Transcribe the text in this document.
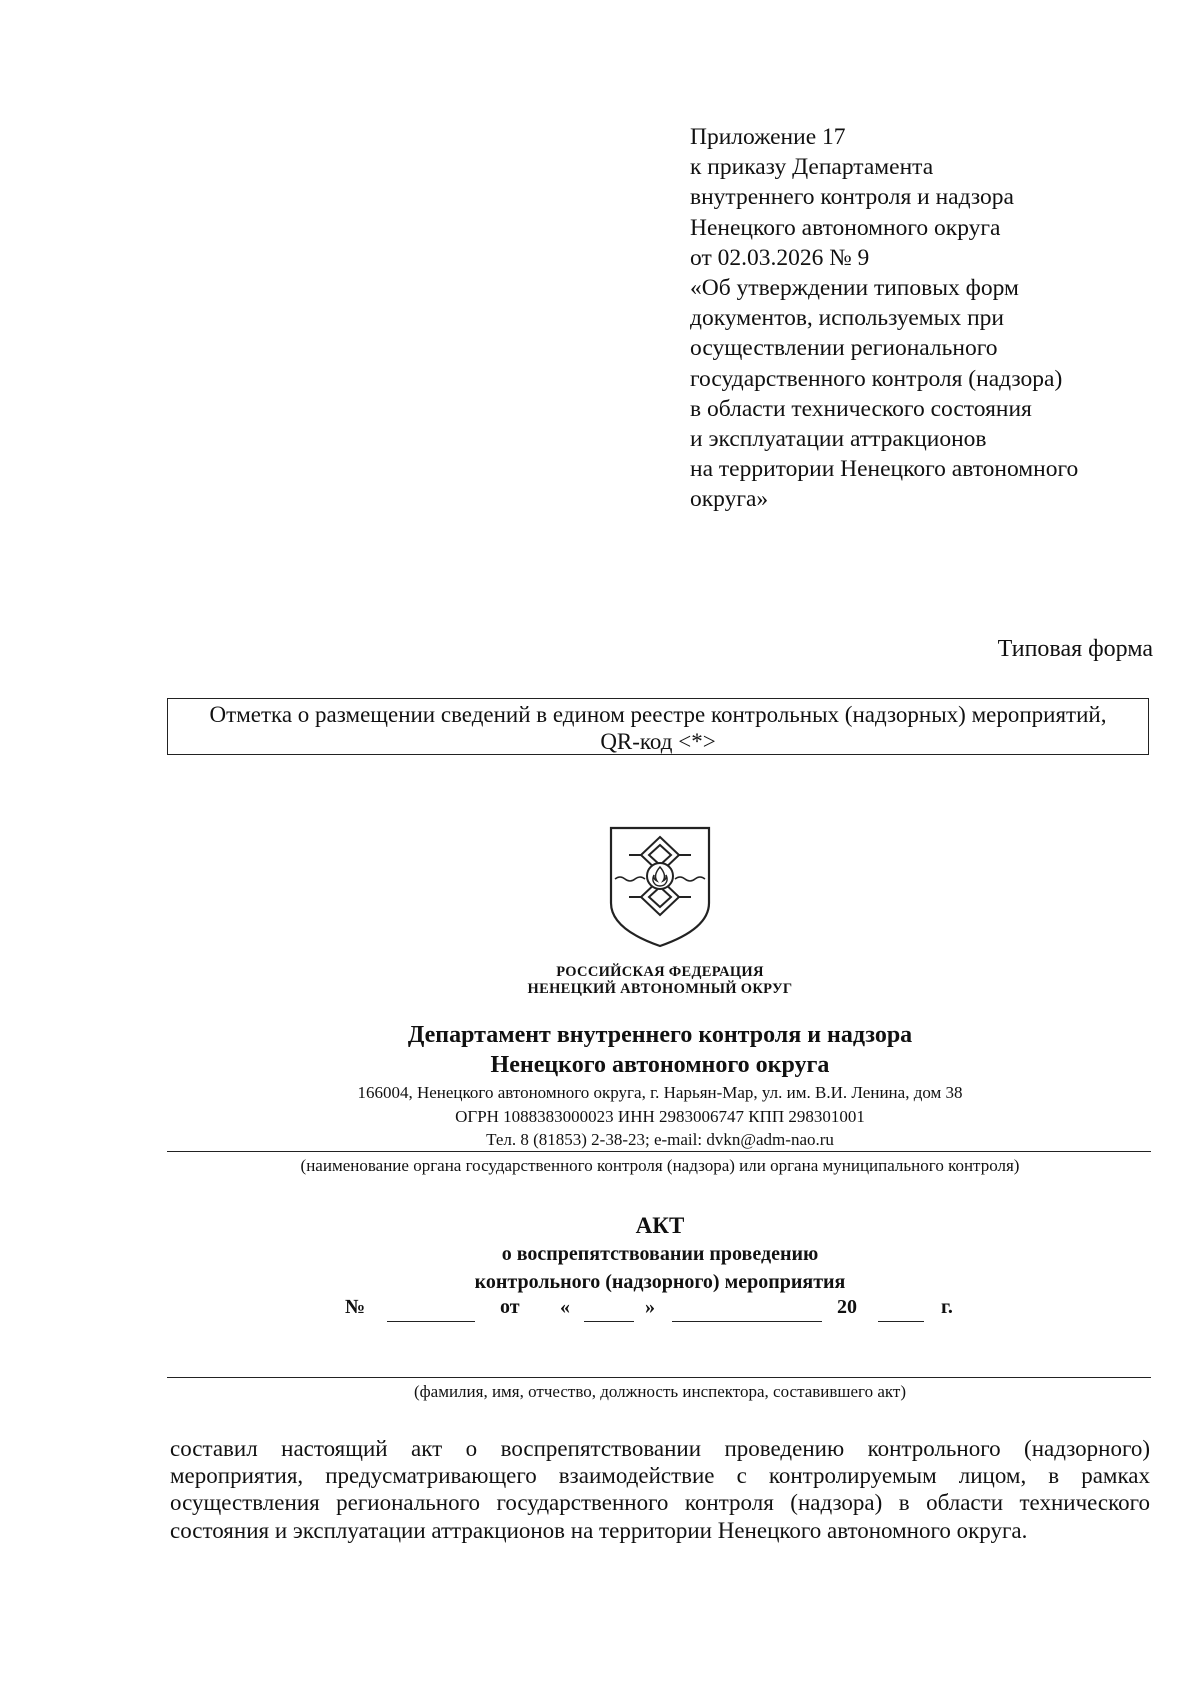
Приложение 17
к приказу Департамента
внутреннего контроля и надзора
Ненецкого автономного округа
от 02.03.2026 № 9
«Об утверждении типовых форм
документов, используемых при
осуществлении регионального
государственного контроля (надзора)
в области технического состояния
и эксплуатации аттракционов
на территории Ненецкого автономного
округа»
Типовая форма
Отметка о размещении сведений в едином реестре контрольных (надзорных) мероприятий,
QR-код <*>
РОССИЙСКАЯ ФЕДЕРАЦИЯ
НЕНЕЦКИЙ АВТОНОМНЫЙ ОКРУГ
Департамент внутреннего контроля и надзора
Ненецкого автономного округа
166004, Ненецкого автономного округа, г. Нарьян-Мар, ул. им. В.И. Ленина, дом 38
ОГРН 1088383000023 ИНН 2983006747 КПП 298301001
Тел. 8 (81853) 2-38-23; e-mail: dvkn@adm-nao.ru
(наименование органа государственного контроля (надзора) или органа муниципального контроля)
АКТ
о воспрепятствовании проведению
контрольного (надзорного) мероприятия
№	от «	»	20	г.
(фамилия, имя, отчество, должность инспектора, составившего акт)
составил настоящий акт о воспрепятствовании проведению контрольного (надзорного)
мероприятия, предусматривающего взаимодействие с контролируемым лицом, в рамках
осуществления регионального государственного контроля (надзора) в области технического
состояния и эксплуатации аттракционов на территории Ненецкого автономного округа.
